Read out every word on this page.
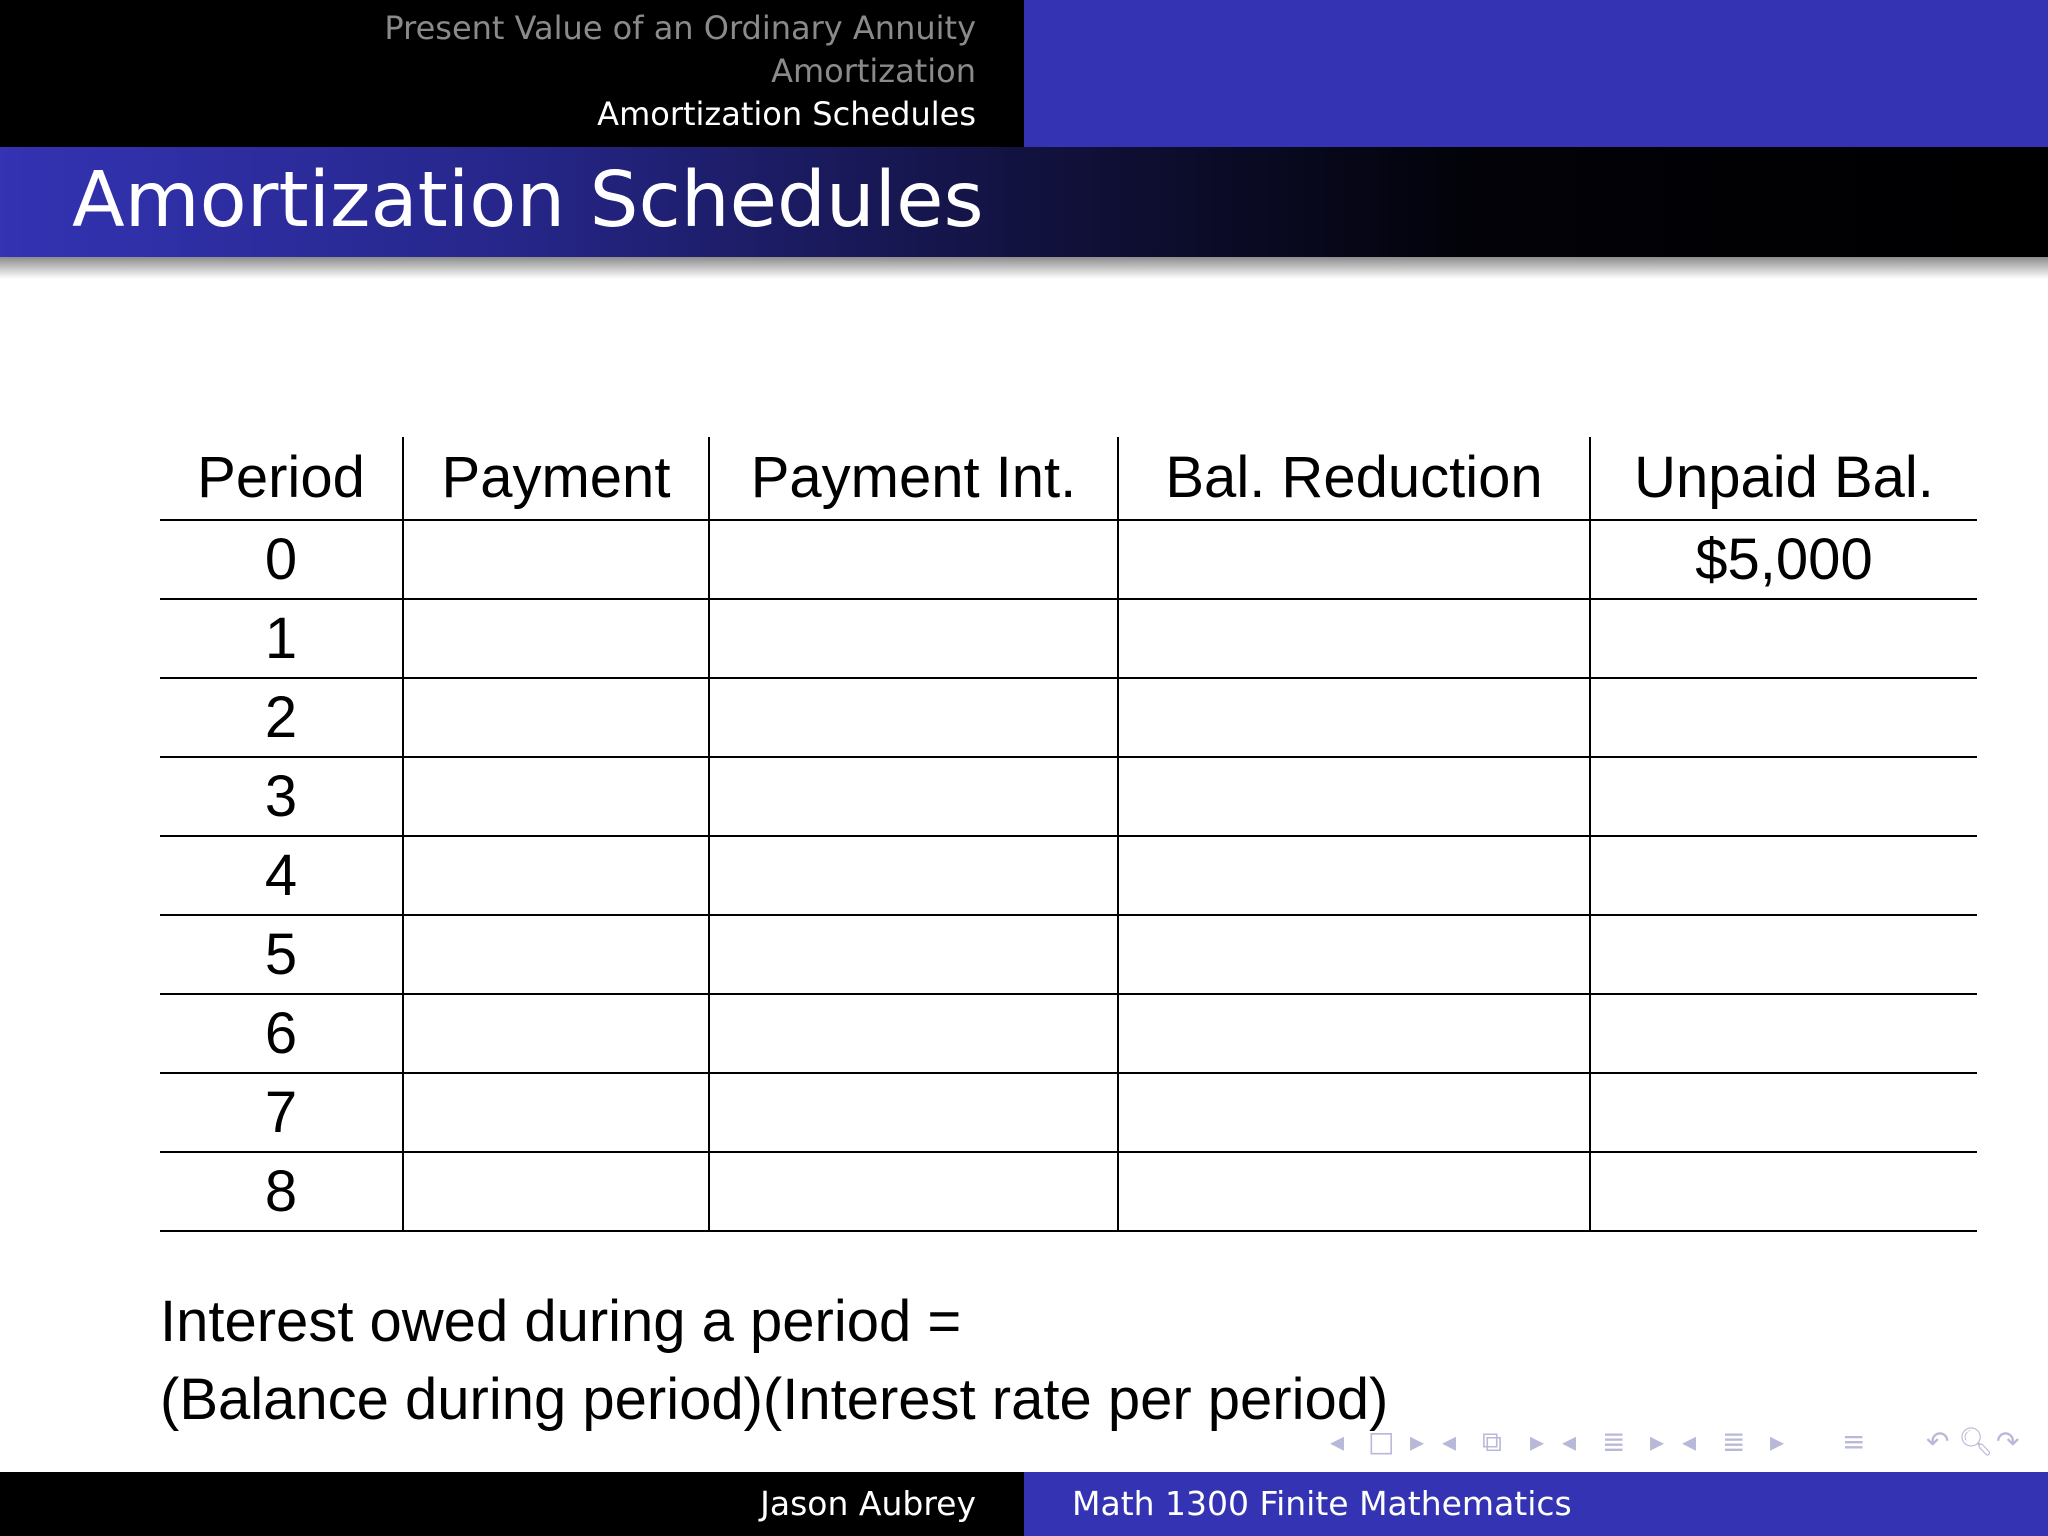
Present Value of an Ordinary Annuity
Amortization
Amortization Schedules
Amortization Schedules
Period	Payment	Payment Int.	Bal. Reduction	Unpaid Bal.
0				$5,000
1				
2				
3				
4				
5				
6				
7				
8				
Interest owed during a period =
(Balance during period)(Interest rate per period)
◂ □ ▸ ◂ ⧉ ▸ ◂ ≣ ▸ ◂ ≣ ▸ ≡ ↶ 🔍︎ ↷
Jason Aubrey	Math 1300 Finite Mathematics
